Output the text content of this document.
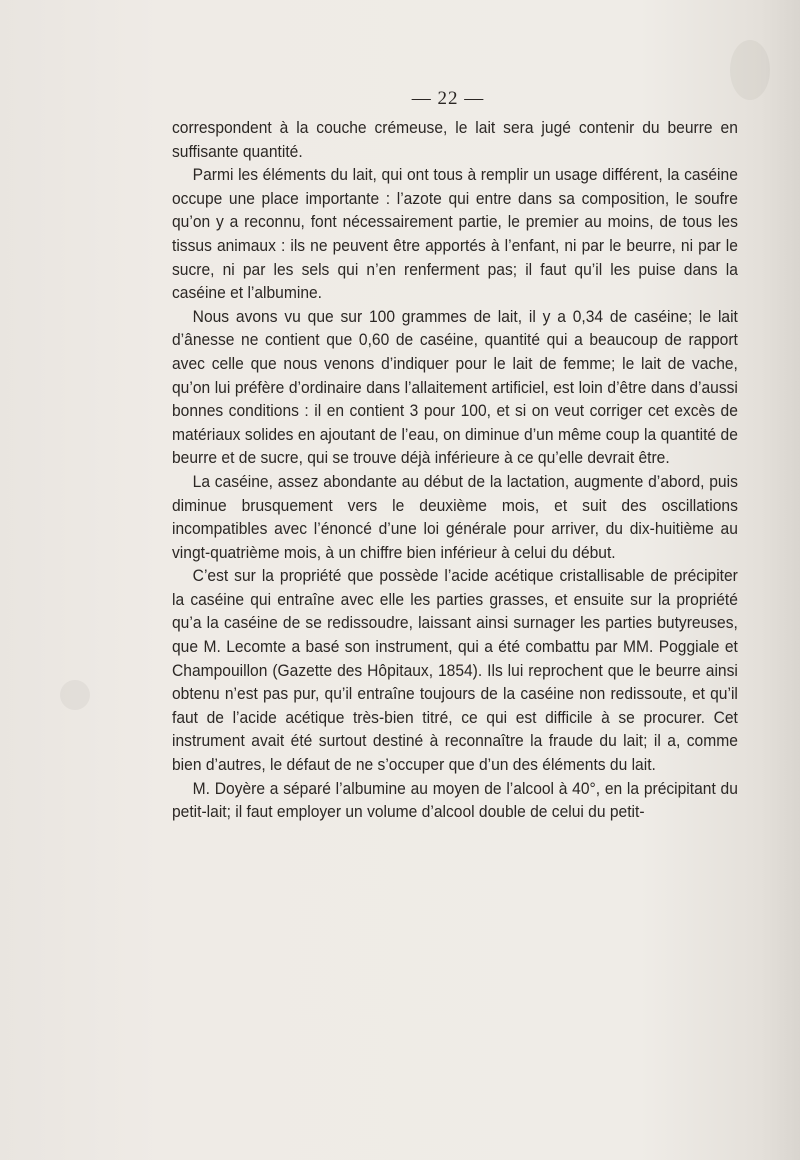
— 22 —

correspondent à la couche crémeuse, le lait sera jugé contenir du beurre en suffisante quantité.

Parmi les éléments du lait, qui ont tous à remplir un usage différent, la caséine occupe une place importante : l’azote qui entre dans sa composition, le soufre qu’on y a reconnu, font nécessairement partie, le premier au moins, de tous les tissus animaux : ils ne peuvent être apportés à l’enfant, ni par le beurre, ni par le sucre, ni par les sels qui n’en renferment pas; il faut qu’il les puise dans la caséine et l’albumine.

Nous avons vu que sur 100 grammes de lait, il y a 0,34 de caséine; le lait d’ânesse ne contient que 0,60 de caséine, quantité qui a beaucoup de rapport avec celle que nous venons d’indiquer pour le lait de femme; le lait de vache, qu’on lui préfère d’ordinaire dans l’allaitement artificiel, est loin d’être dans d’aussi bonnes conditions : il en contient 3 pour 100, et si on veut corriger cet excès de matériaux solides en ajoutant de l’eau, on diminue d’un même coup la quantité de beurre et de sucre, qui se trouve déjà inférieure à ce qu’elle devrait être.

La caséine, assez abondante au début de la lactation, augmente d’abord, puis diminue brusquement vers le deuxième mois, et suit des oscillations incompatibles avec l’énoncé d’une loi générale pour arriver, du dix-huitième au vingt-quatrième mois, à un chiffre bien inférieur à celui du début.

C’est sur la propriété que possède l’acide acétique cristallisable de précipiter la caséine qui entraîne avec elle les parties grasses, et ensuite sur la propriété qu’a la caséine de se redissoudre, laissant ainsi surnager les parties butyreuses, que M. Lecomte a basé son instrument, qui a été combattu par MM. Poggiale et Champouillon (Gazette des Hôpitaux, 1854). Ils lui reprochent que le beurre ainsi obtenu n’est pas pur, qu’il entraîne toujours de la caséine non redissoute, et qu’il faut de l’acide acétique très-bien titré, ce qui est difficile à se procurer. Cet instrument avait été surtout destiné à reconnaître la fraude du lait; il a, comme bien d’autres, le défaut de ne s’occuper que d’un des éléments du lait.

M. Doyère a séparé l’albumine au moyen de l’alcool à 40°, en la précipitant du petit-lait; il faut employer un volume d’alcool double de celui du petit-
